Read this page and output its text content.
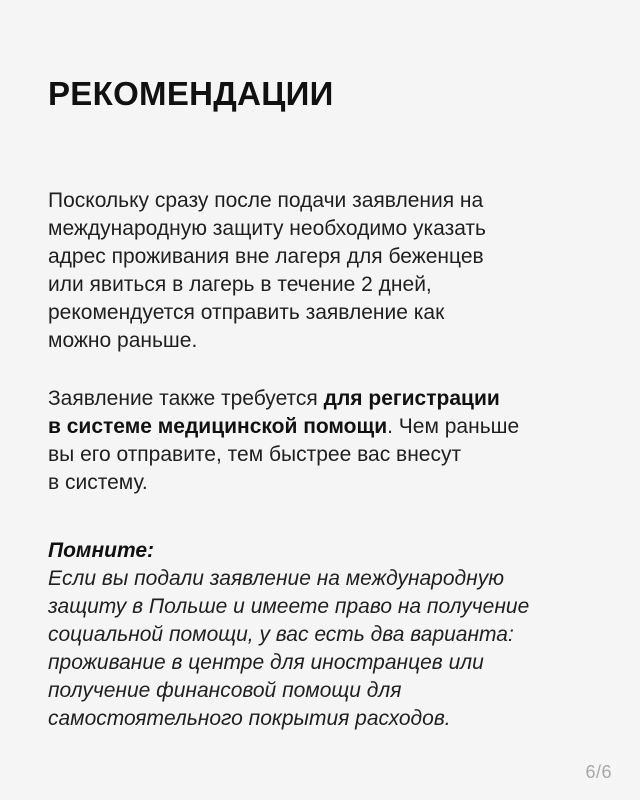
РЕКОМЕНДАЦИИ

Поскольку сразу после подачи заявления на
международную защиту необходимо указать
адрес проживания вне лагеря для беженцев
или явиться в лагерь в течение 2 дней,
рекомендуется отправить заявление как
можно раньше.

Заявление также требуется для регистрации
в системе медицинской помощи. Чем раньше
вы его отправите, тем быстрее вас внесут
в систему.

Помните:
Если вы подали заявление на международную
защиту в Польше и имеете право на получение
социальной помощи, у вас есть два варианта:
проживание в центре для иностранцев или
получение финансовой помощи для
самостоятельного покрытия расходов.

6/6
